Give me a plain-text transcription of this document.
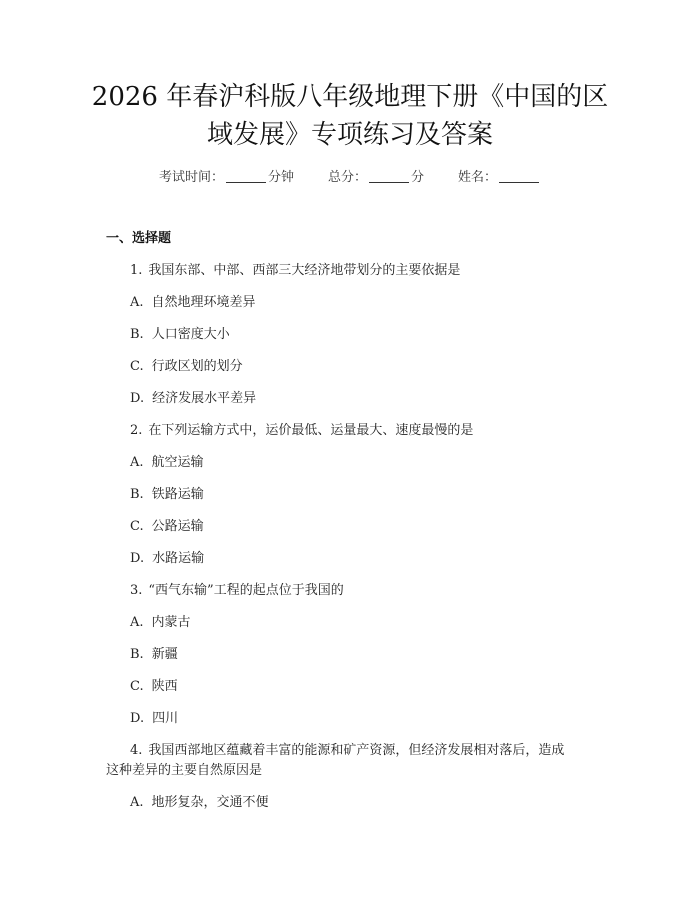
2026 年春沪科版八年级地理下册《中国的区
域发展》专项练习及答案
考试时间：	分钟	总分：	分	姓名：
一、选择题
1. 我国东部、中部、西部三大经济地带划分的主要依据是
A. 自然地理环境差异
B. 人口密度大小
C. 行政区划的划分
D. 经济发展水平差异
2. 在下列运输方式中，运价最低、运量最大、速度最慢的是
A. 航空运输
B. 铁路运输
C. 公路运输
D. 水路运输
3. “西气东输”工程的起点位于我国的
A. 内蒙古
B. 新疆
C. 陕西
D. 四川
4. 我国西部地区蕴藏着丰富的能源和矿产资源，但经济发展相对落后，造成
这种差异的主要自然原因是
A. 地形复杂，交通不便
